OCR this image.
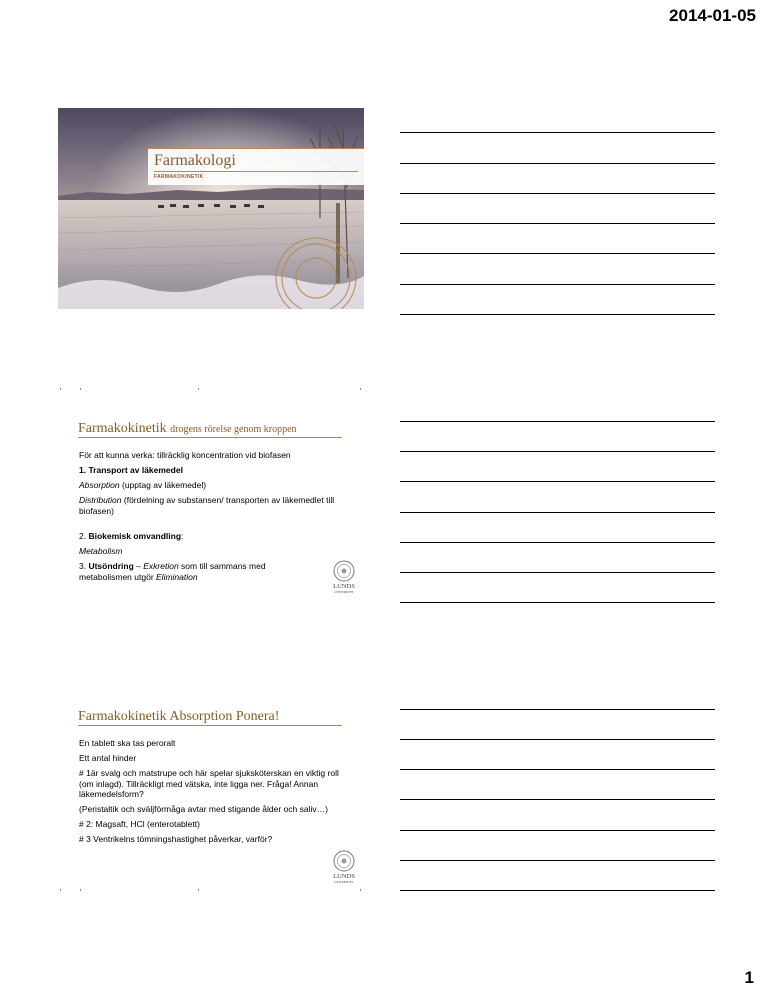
2014-01-05
Farmakologi
FARMAKOKINETIK
Farmakokinetik drogens rörelse genom kroppen

För att kunna verka: tillräcklig koncentration vid biofasen

1. Transport av läkemedel

Absorption (upptag av läkemedel)

Distribution (fördelning av substansen/ transporten av läkemedlet till biofasen)

2. Biokemisk omvandling:

Metabolism

3. Utsöndring – Exkretion som till sammans med metabolismen utgör Elimination

LUNDS
UNIVERSITET
Farmakokinetik Absorption Ponera!

En tablett ska tas peroralt

Ett antal hinder

# 1är svalg och matstrupe och här spelar sjuksköterskan en viktig roll (om inlagd). Tillräckligt med vätska, inte ligga ner. Fråga! Annan läkemedelsform?

(Peristaltik och sväljförmåga avtar med stigande ålder och saliv…)

# 2: Magsaft, HCl (enterotablett)

# 3 Ventrikelns tömningshastighet påverkar, varför?

LUNDS
UNIVERSITET
1
